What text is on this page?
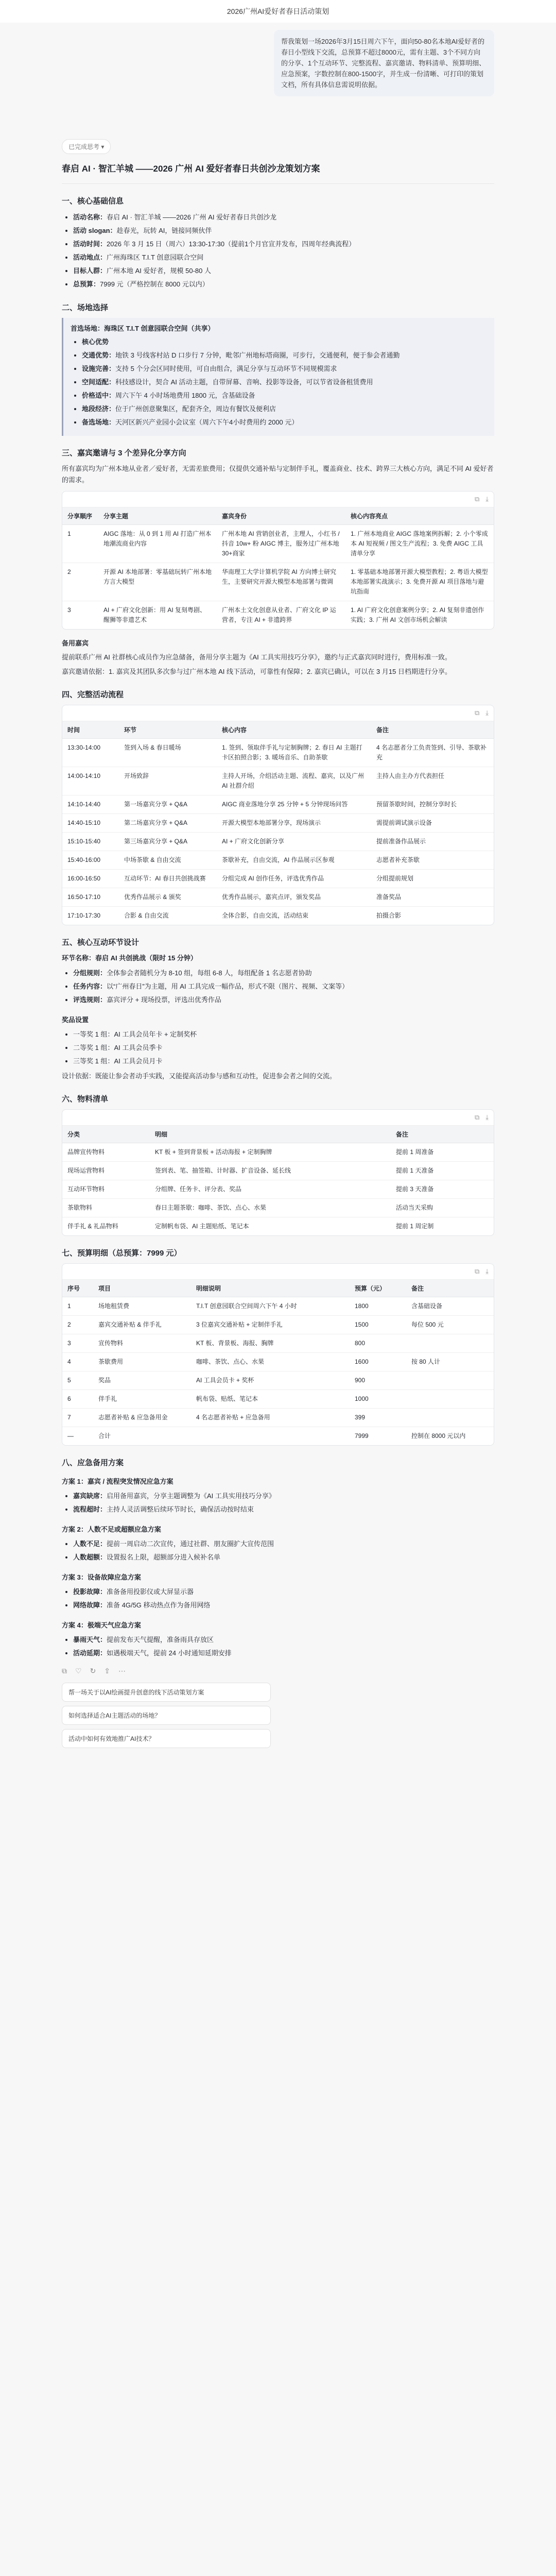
2026广州AI爱好者春日活动策划
帮我策划一场2026年3月15日周六下午，面向50-80名本地AI爱好者的春日小型线下交流，总预算不超过8000元，需有主题、3个不同方向的分享、1个互动环节、完整流程、嘉宾邀请、物料清单、预算明细、应急预案，字数控制在800-1500字，并生成一份清晰、可打印的策划文档，所有具体信息需说明依据。
已完成思考 ▾
春启 AI · 智汇羊城 ——2026 广州 AI 爱好者春日共创沙龙策划方案
一、核心基础信息
• 活动名称：春启 AI · 智汇羊城 ——2026 广州 AI 爱好者春日共创沙龙
• 活动 slogan：趁春光，玩转 AI，链接同频伙伴
• 活动时间：2026 年 3 月 15 日（周六）13:30-17:30（提前1个月官宣并发布，四周年经典流程）
• 活动地点：广州海珠区 T.I.T 创意园联合空间
• 目标人群：广州本地 AI 爱好者，规模 50-80 人
• 总预算：7999 元（严格控制在 8000 元以内）
二、场地选择
首选场地：海珠区 T.I.T 创意园联合空间（共享）
• 核心优势
• 交通优势：地铁 3 号线客村站 D 口步行 7 分钟，毗邻广州地标塔商圈，可步行，交通便利，便于参会者通勤
• 设施完善：支持 5 个分会区同时使用，可自由组合，满足分享与互动环节不同规模需求
• 空间适配：科技感设计，契合 AI 活动主题，自带屏幕、音响、投影等设备，可以节省设备租赁费用
• 价格适中：周六下午 4 小时场地费用 1800 元，含基础设备
• 地段经济：位于广州创意聚集区，配套齐全，周边有餐饮及便利店
• 备选场地：天河区新兴产业园小会议室（周六下午4小时费用约 2000 元）
三、嘉宾邀请与 3 个差异化分享方向

所有嘉宾均为广州本地从业者／爱好者，无需差旅费用；仅提供交通补贴与定制伴手礼，覆盖商业、技术、跨界三大核心方向，满足不同 AI 爱好者的需求。

⧉ ⤓
分享顺序	分享主题	嘉宾身份	核心内容亮点
1	AIGC 落地：从 0 到 1 用 AI 打造广州本地潮流商业内容	广州本地 AI 营销创业者，主理人，小红书 / 抖音 10w+ 粉 AIGC 博主，服务过广州本地30+商家	1. 广州本地商业 AIGC 落地案例拆解；2. 小个零成本 AI 短视频 / 图文生产流程；3. 免费 AIGC 工具清单分享
2	开源 AI 本地部署：零基础玩转广州本地方言大模型	华南理工大学计算机学院 AI 方向博士研究生，主要研究开源大模型本地部署与微调	1. 零基础本地部署开源大模型教程；2. 粤语大模型本地部署实战演示；3. 免费开源 AI 项目落地与避坑指南
3	AI + 广府文化创新：用 AI 复刻粤剧、醒狮等非遗艺术	广州本土文化创意从业者、广府文化 IP 运营者，专注 AI + 非遗跨界	1. AI 广府文化创意案例分享；2. AI 复刻非遗创作实践；3. 广州 AI 文创市场机会解读
备用嘉宾

提前联系广州 AI 社群核心成员作为应急储备，备用分享主题为《AI 工具实用技巧分享》，邀约与正式嘉宾同时进行，费用标准一致。

嘉宾邀请依据：1. 嘉宾及其团队多次参与过广州本地 AI 线下活动，可靠性有保障；2. 嘉宾已确认，可以在 3 月15 日档期进行分享。

四、完整活动流程
⧉ ⤓
时间	环节	核心内容	备注
13:30-14:00	签到入场 & 春日暖场	1. 签到、领取伴手礼与定制胸牌；2. 春日 AI 主题打卡区拍照合影；3. 暖场音乐、自助茶歇	4 名志愿者分工负责签到、引导、茶歇补充
14:00-14:10	开场致辞	主持人开场，介绍活动主题、流程、嘉宾，以及广州 AI 社群介绍	主持人由主办方代表担任
14:10-14:40	第一场嘉宾分享 + Q&A	AIGC 商业落地分享 25 分钟 + 5 分钟现场问答	预留茶歇时间，控制分享时长
14:40-15:10	第二场嘉宾分享 + Q&A	开源大模型本地部署分享，现场演示	需提前调试演示设备
15:10-15:40	第三场嘉宾分享 + Q&A	AI + 广府文化创新分享	提前准备作品展示
15:40-16:00	中场茶歇 & 自由交流	茶歇补充，自由交流，AI 作品展示区参观	志愿者补充茶歇
16:00-16:50	互动环节：AI 春日共创挑战赛	分组完成 AI 创作任务，评选优秀作品	分组提前规划
16:50-17:10	优秀作品展示 & 颁奖	优秀作品展示，嘉宾点评，颁发奖品	准备奖品
17:10-17:30	合影 & 自由交流	全体合影，自由交流，活动结束	拍摄合影
五、核心互动环节设计

环节名称：春启 AI 共创挑战（限时 15 分钟）

• 分组规则：全体参会者随机分为 8-10 组，每组 6-8 人，每组配备 1 名志愿者协助
• 任务内容：以“广州春日”为主题，用 AI 工具完成一幅作品，形式不限（图片、视频、文案等）
• 评选规则：嘉宾评分 + 现场投票，评选出优秀作品
奖品设置
• 一等奖 1 组：AI 工具会员年卡 + 定制奖杯
• 二等奖 1 组：AI 工具会员季卡
• 三等奖 1 组：AI 工具会员月卡

设计依据：既能让参会者动手实践，又能提高活动参与感和互动性，促进参会者之间的交流。

六、物料清单
⧉ ⤓
分类	明细	备注
品牌宣传物料	KT 板 + 签到背景板 + 活动海报 + 定制胸牌	提前 1 周准备
现场运营物料	签到表、笔、抽签箱、计时器、扩音设备、延长线	提前 1 天准备
互动环节物料	分组牌、任务卡、评分表、奖品	提前 3 天准备
茶歇物料	春日主题茶歇：咖啡、茶饮、点心、水果	活动当天采购
伴手礼 & 礼品物料	定制帆布袋、AI 主题贴纸、笔记本	提前 1 周定制
七、预算明细（总预算：7999 元）
⧉ ⤓
序号	项目	明细说明	预算（元）	备注
1	场地租赁费	T.I.T 创意园联合空间周六下午 4 小时	1800	含基础设备
2	嘉宾交通补贴 & 伴手礼	3 位嘉宾交通补贴 + 定制伴手礼	1500	每位 500 元
3	宣传物料	KT 板、背景板、海报、胸牌	800	
4	茶歇费用	咖啡、茶饮、点心、水果	1600	按 80 人计
5	奖品	AI 工具会员卡 + 奖杯	900	
6	伴手礼	帆布袋、贴纸、笔记本	1000	
7	志愿者补贴 & 应急备用金	4 名志愿者补贴 + 应急备用	399	
—	合计		7999	控制在 8000 元以内
八、应急备用方案
方案 1：嘉宾 / 流程突发情况应急方案
• 嘉宾缺席：启用备用嘉宾，分享主题调整为《AI 工具实用技巧分享》
• 流程超时：主持人灵活调整后续环节时长，确保活动按时结束
方案 2：人数不足或超额应急方案
• 人数不足：提前一周启动二次宣传，通过社群、朋友圈扩大宣传范围
• 人数超额：设置报名上限，超额部分进入候补名单
方案 3：设备故障应急方案
• 投影故障：准备备用投影仪或大屏显示器
• 网络故障：准备 4G/5G 移动热点作为备用网络
方案 4：极端天气应急方案
• 暴雨天气：提前发布天气提醒，准备雨具存放区
• 活动延期：如遇极端天气，提前 24 小时通知延期安排
⧉ ♡ ↻ ⇪ ⋯
帮一场关于以AI绘画提升创意的线下活动策划方案
如何选择适合AI主题活动的场地？
活动中如何有效地推广AI技术？
